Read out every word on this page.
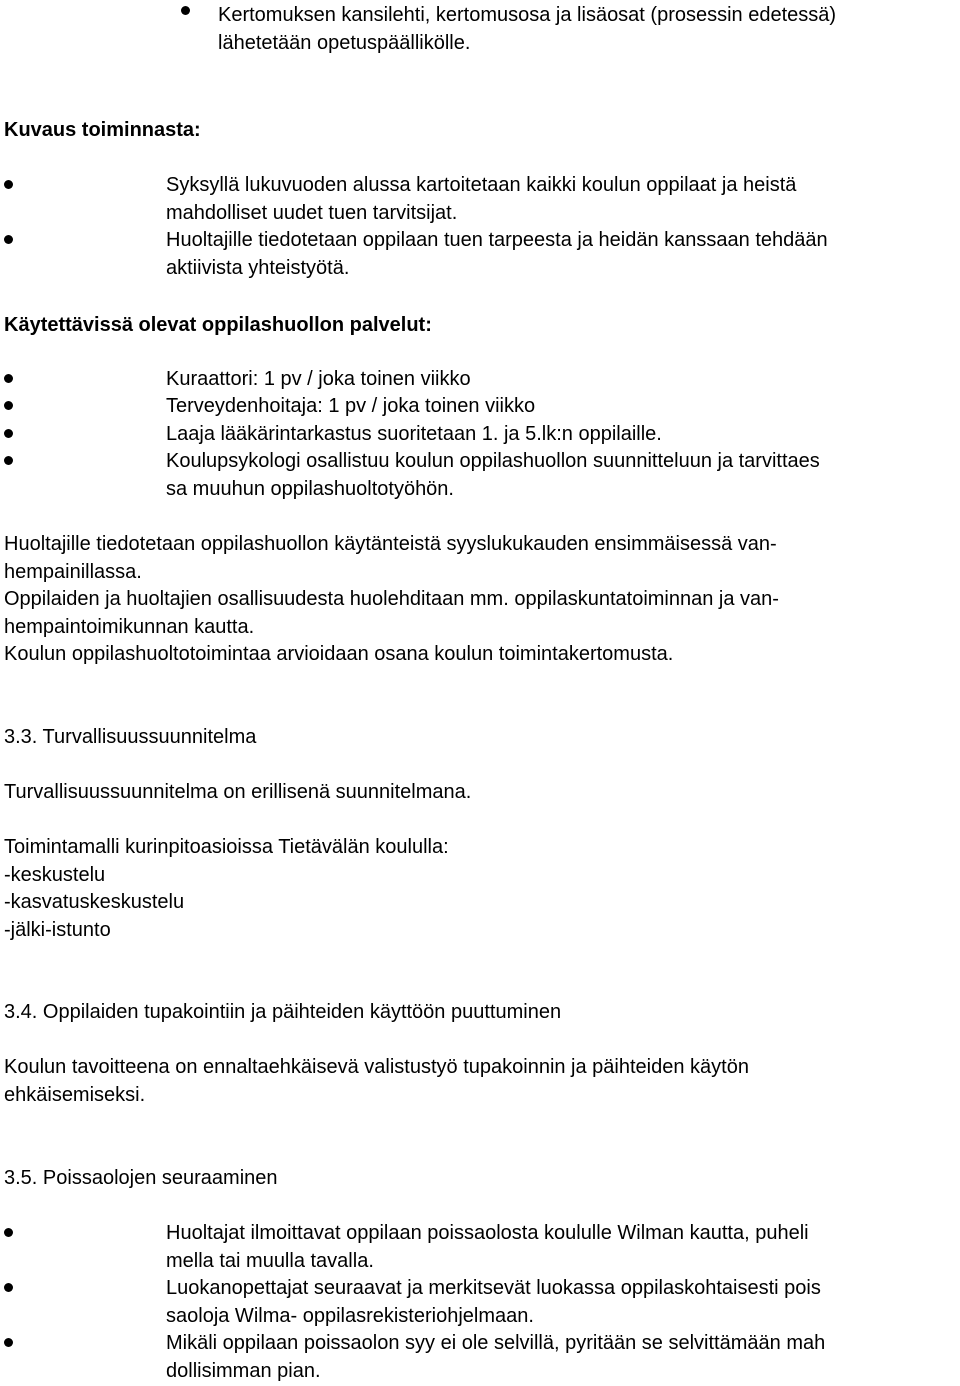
Kertomuksen kansilehti, kertomusosa ja lisäosat (prosessin edetessä)
lähetetään opetuspäällikölle.
Kuvaus toiminnasta:
Syksyllä lukuvuoden alussa kartoitetaan kaikki koulun oppilaat ja heistä
mahdolliset uudet tuen tarvitsijat.
Huoltajille tiedotetaan oppilaan tuen tarpeesta ja heidän kanssaan tehdään
aktiivista yhteistyötä.
Käytettävissä olevat oppilashuollon palvelut:
Kuraattori: 1 pv / joka toinen viikko
Terveydenhoitaja: 1 pv / joka toinen viikko
Laaja lääkärintarkastus suoritetaan 1. ja 5.lk:n oppilaille.
Koulupsykologi osallistuu koulun oppilashuollon suunnitteluun ja tarvittaes
sa muuhun oppilashuoltotyöhön.
Huoltajille tiedotetaan oppilashuollon käytänteistä syyslukukauden ensimmäisessä van-
hempainillassa.
Oppilaiden ja huoltajien osallisuudesta huolehditaan mm. oppilaskuntatoiminnan ja van-
hempaintoimikunnan kautta.
Koulun oppilashuoltotoimintaa arvioidaan osana koulun toimintakertomusta.
3.3. Turvallisuussuunnitelma
Turvallisuussuunnitelma on erillisenä suunnitelmana.
Toimintamalli kurinpitoasioissa Tietävälän koululla:
-keskustelu
-kasvatuskeskustelu
-jälki-istunto
3.4. Oppilaiden tupakointiin ja päihteiden käyttöön puuttuminen
Koulun tavoitteena on ennaltaehkäisevä valistustyö tupakoinnin ja päihteiden käytön
ehkäisemiseksi.
3.5. Poissaolojen seuraaminen
Huoltajat ilmoittavat oppilaan poissaolosta koululle Wilman kautta, puheli
mella tai muulla tavalla.
Luokanopettajat seuraavat ja merkitsevät luokassa oppilaskohtaisesti pois
saoloja Wilma- oppilasrekisteriohjelmaan.
Mikäli oppilaan poissaolon syy ei ole selvillä, pyritään se selvittämään mah
dollisimman pian.
